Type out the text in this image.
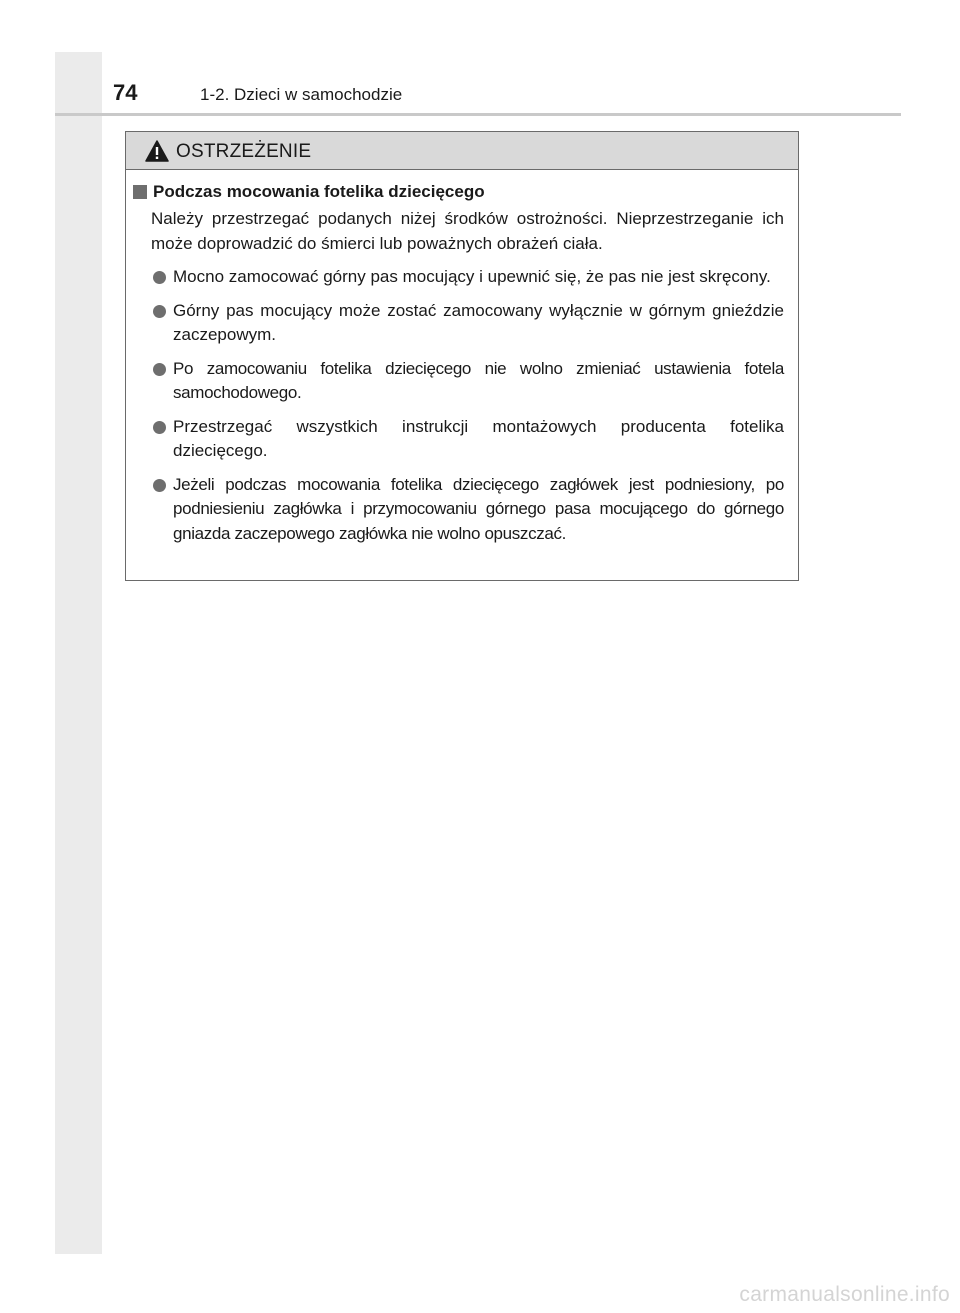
74	1-2. Dzieci w samochodzie
OSTRZEŻENIE
Podczas mocowania fotelika dziecięcego

Należy przestrzegać podanych niżej środków ostrożności. Nieprzestrzeganie ich może doprowadzić do śmierci lub poważnych obrażeń ciała.

Mocno zamocować górny pas mocujący i upewnić się, że pas nie jest skręcony.
Górny pas mocujący może zostać zamocowany wyłącznie w górnym gnieździe zaczepowym.
Po zamocowaniu fotelika dziecięcego nie wolno zmieniać ustawienia fotela samochodowego.
Przestrzegać wszystkich instrukcji montażowych producenta fotelika dziecięcego.
Jeżeli podczas mocowania fotelika dziecięcego zagłówek jest podniesiony, po podniesieniu zagłówka i przymocowaniu górnego pasa mocującego do górnego gniazda zaczepowego zagłówka nie wolno opuszczać.
carmanualsonline.info
